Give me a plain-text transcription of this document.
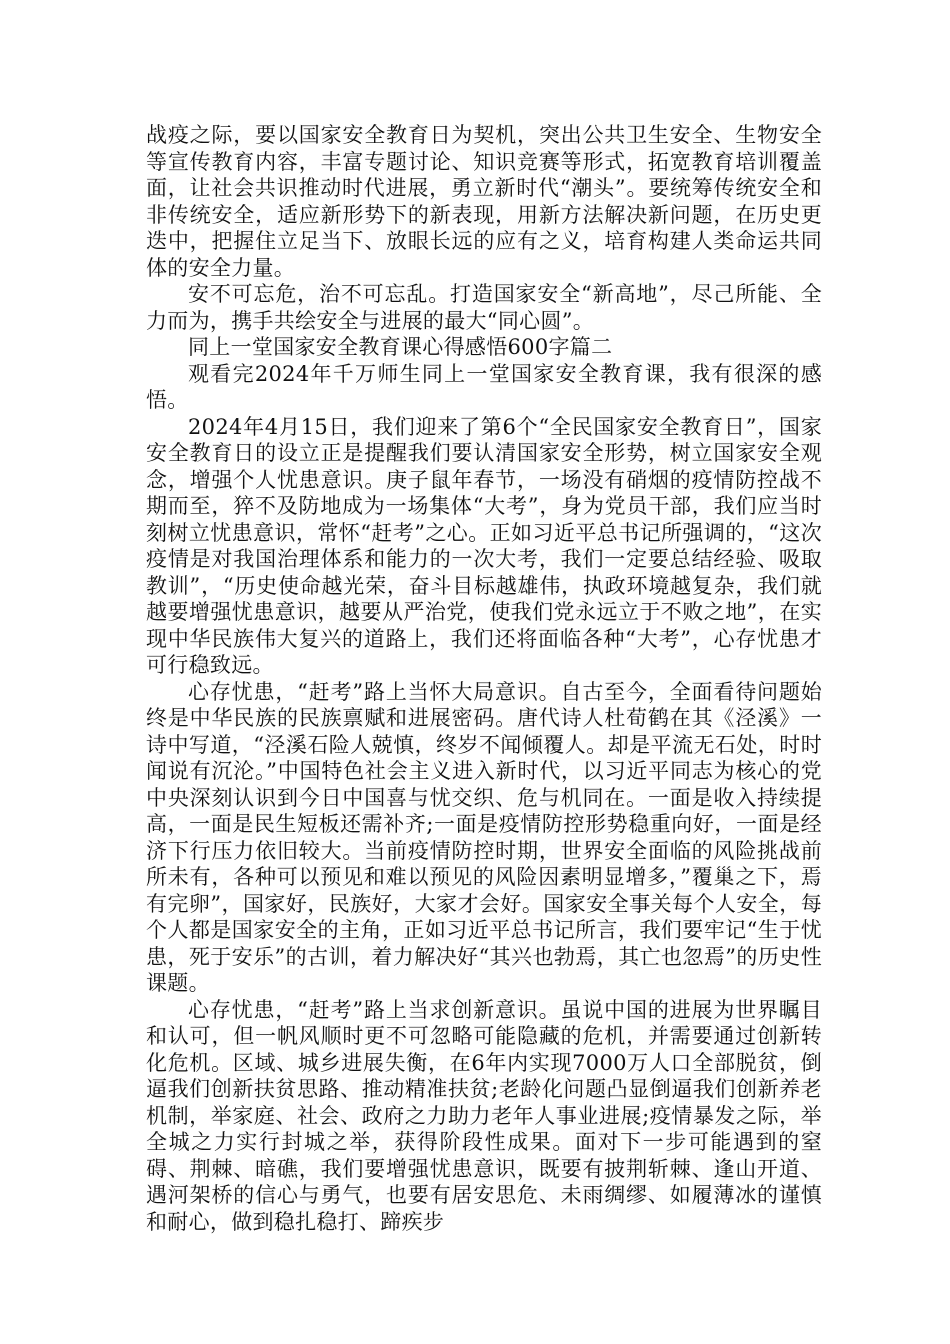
战疫之际，要以国家安全教育日为契机，突出公共卫生安全、生物安全等宣传教育内容，丰富专题讨论、知识竞赛等形式，拓宽教育培训覆盖面，让社会共识推动时代进展，勇立新时代“潮头”。要统筹传统安全和非传统安全，适应新形势下的新表现，用新方法解决新问题，在历史更迭中，把握住立足当下、放眼长远的应有之义，培育构建人类命运共同体的安全力量。

安不可忘危，治不可忘乱。打造国家安全“新高地”，尽己所能、全力而为，携手共绘安全与进展的最大“同心圆”。

同上一堂国家安全教育课心得感悟600字篇二

观看完2024年千万师生同上一堂国家安全教育课，我有很深的感悟。

2024年4月15日，我们迎来了第6个“全民国家安全教育日”，国家安全教育日的设立正是提醒我们要认清国家安全形势，树立国家安全观念，增强个人忧患意识。庚子鼠年春节，一场没有硝烟的疫情防控战不期而至，猝不及防地成为一场集体“大考”，身为党员干部，我们应当时刻树立忧患意识，常怀“赶考”之心。正如习近平总书记所强调的，“这次疫情是对我国治理体系和能力的一次大考，我们一定要总结经验、吸取教训”，“历史使命越光荣，奋斗目标越雄伟，执政环境越复杂，我们就越要增强忧患意识，越要从严治党，使我们党永远立于不败之地”，在实现中华民族伟大复兴的道路上，我们还将面临各种“大考”，心存忧患才可行稳致远。

心存忧患，“赶考”路上当怀大局意识。自古至今，全面看待问题始终是中华民族的民族禀赋和进展密码。唐代诗人杜荀鹤在其《泾溪》一诗中写道，“泾溪石险人兢慎，终岁不闻倾覆人。却是平流无石处，时时闻说有沉沦。”中国特色社会主义进入新时代，以习近平同志为核心的党中央深刻认识到今日中国喜与忧交织、危与机同在。一面是收入持续提高，一面是民生短板还需补齐;一面是疫情防控形势稳重向好，一面是经济下行压力依旧较大。当前疫情防控时期，世界安全面临的风险挑战前所未有，各种可以预见和难以预见的风险因素明显增多，”覆巢之下，焉有完卵”，国家好，民族好，大家才会好。国家安全事关每个人安全，每个人都是国家安全的主角，正如习近平总书记所言，我们要牢记“生于忧患，死于安乐”的古训，着力解决好“其兴也勃焉，其亡也忽焉”的历史性课题。

心存忧患，“赶考”路上当求创新意识。虽说中国的进展为世界瞩目和认可，但一帆风顺时更不可忽略可能隐藏的危机，并需要通过创新转化危机。区域、城乡进展失衡，在6年内实现7000万人口全部脱贫，倒逼我们创新扶贫思路、推动精准扶贫;老龄化问题凸显倒逼我们创新养老机制，举家庭、社会、政府之力助力老年人事业进展;疫情暴发之际，举全城之力实行封城之举，获得阶段性成果。面对下一步可能遇到的窒碍、荆棘、暗礁，我们要增强忧患意识，既要有披荆斩棘、逢山开道、遇河架桥的信心与勇气，也要有居安思危、未雨绸缪、如履薄冰的谨慎和耐心，做到稳扎稳打、蹄疾步
